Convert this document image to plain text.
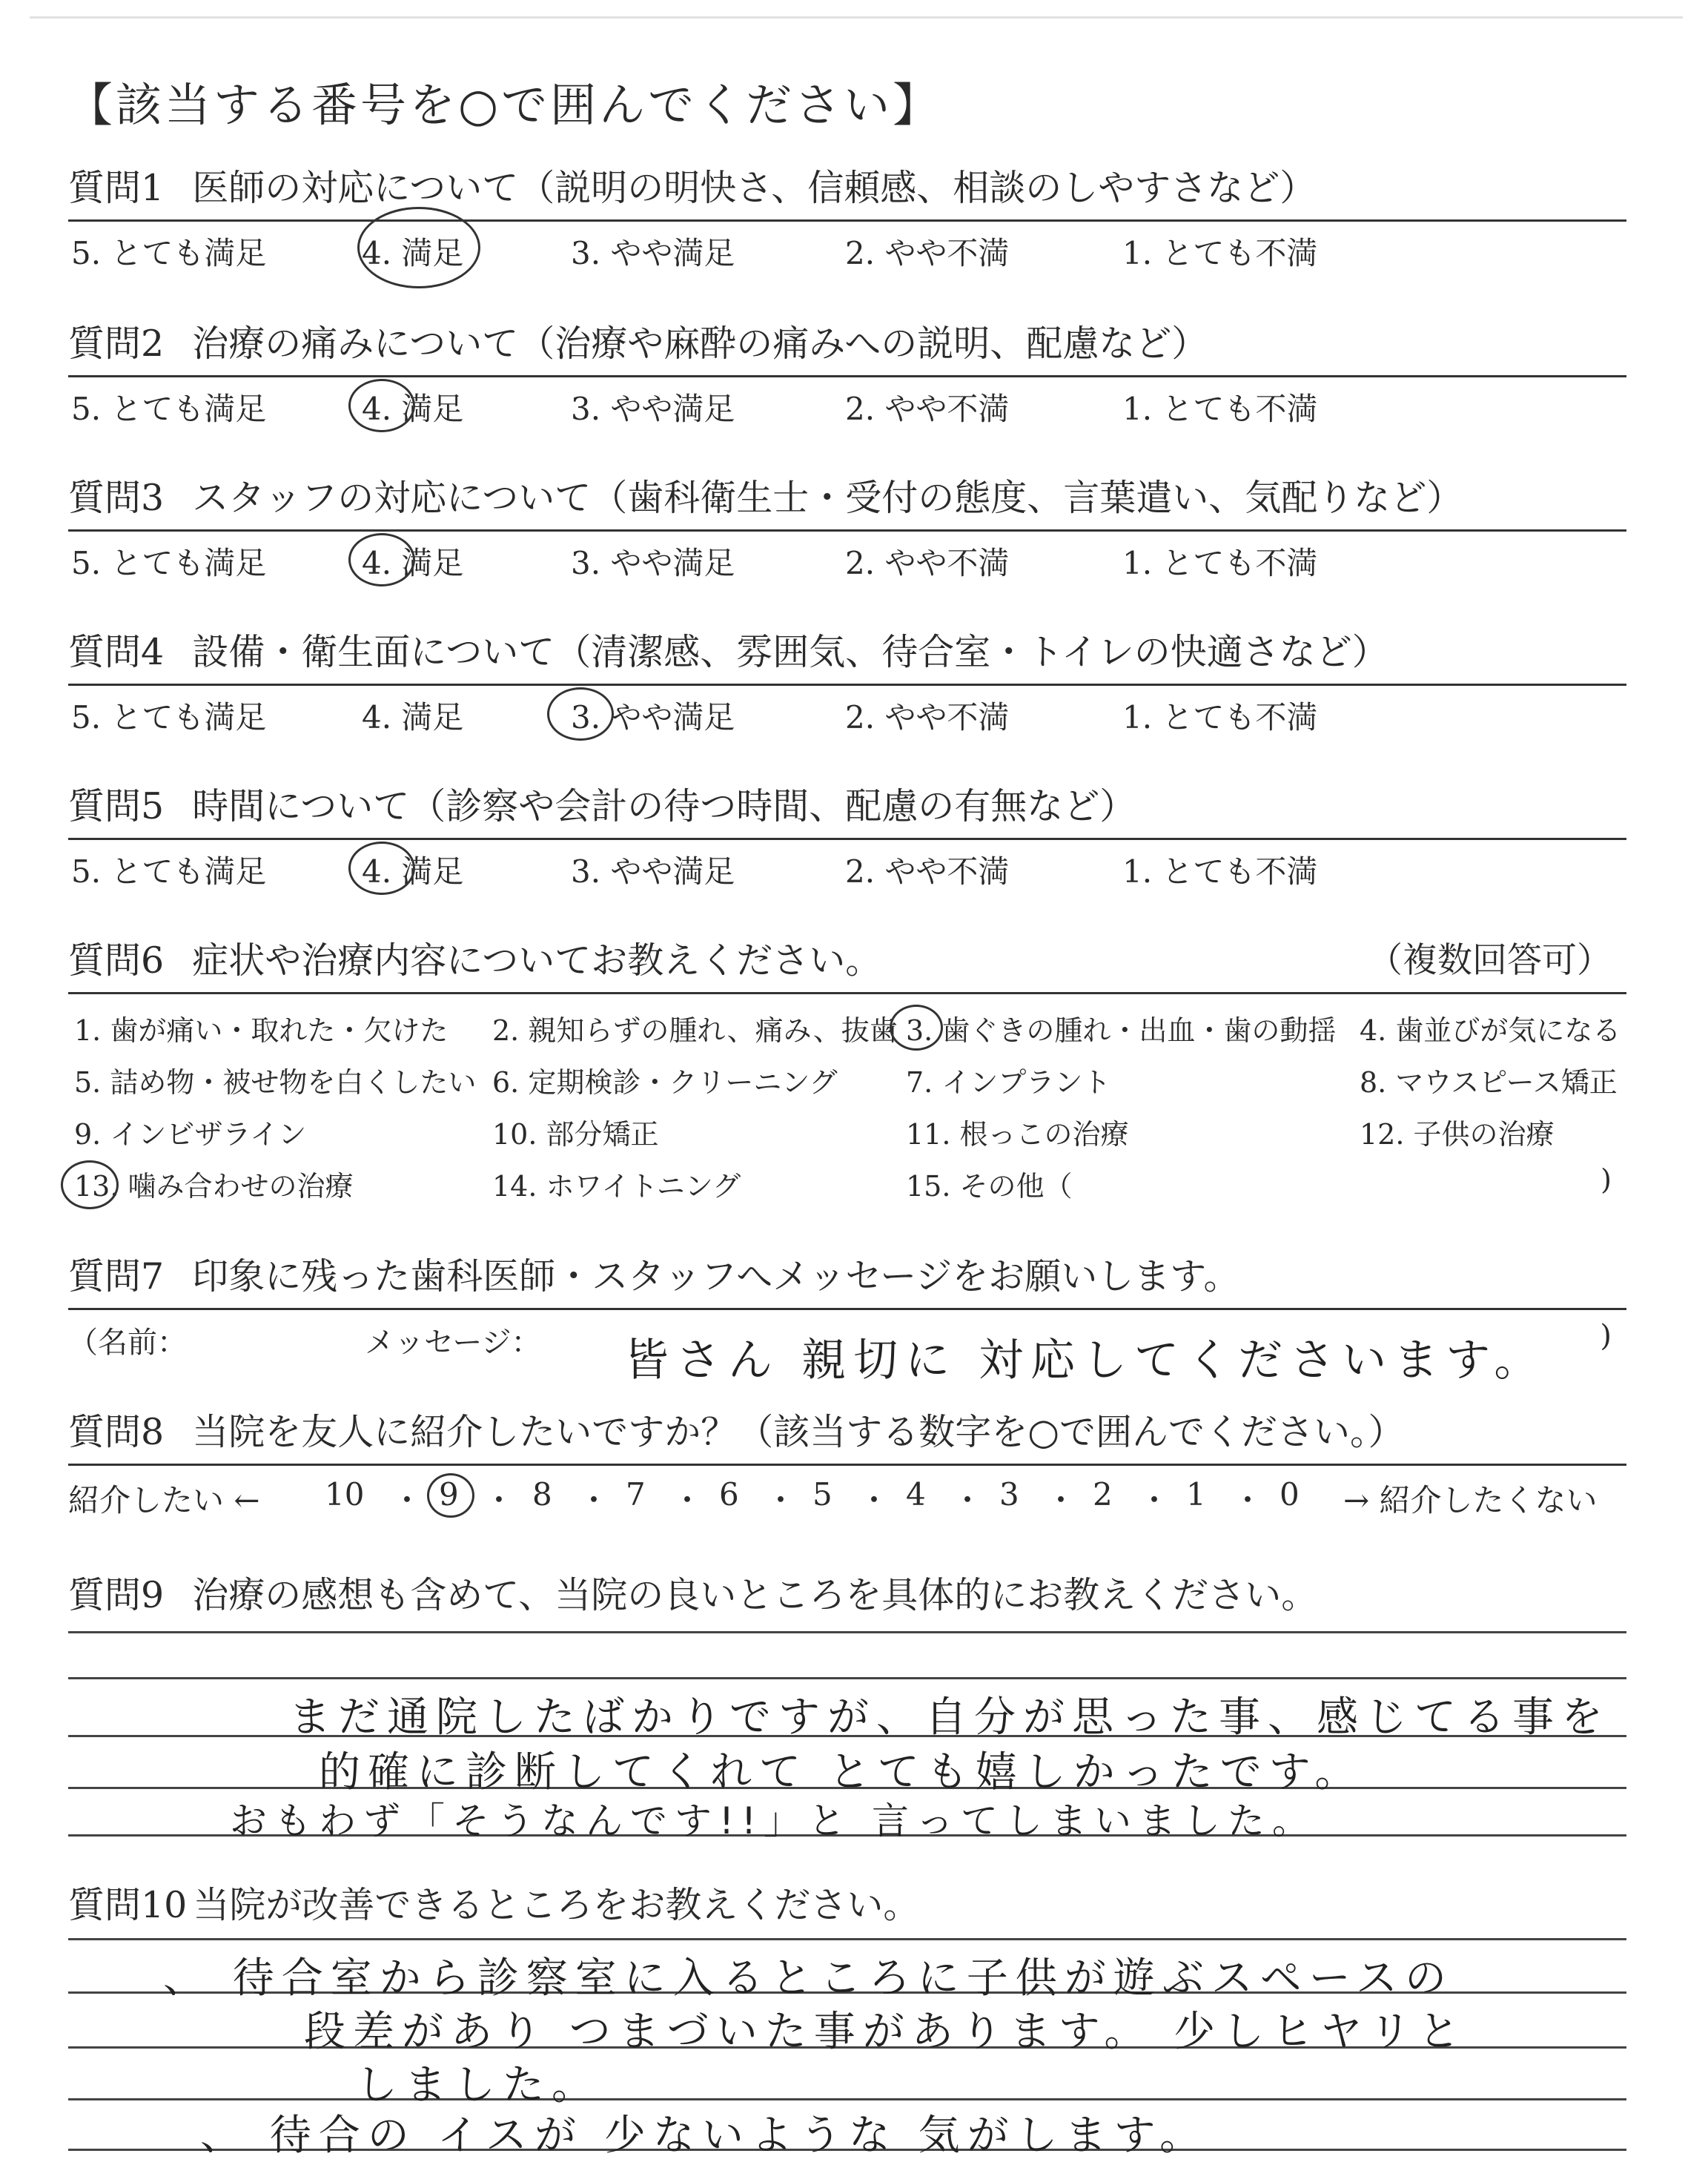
【該当する番号を○で囲んでください】
質問1 医師の対応について（説明の明快さ、信頼感、相談のしやすさなど）
5. とても満足	4. 満足	3. やや満足	2. やや不満	1. とても不満
質問2 治療の痛みについて（治療や麻酔の痛みへの説明、配慮など）
5. とても満足	4. 満足	3. やや満足	2. やや不満	1. とても不満
質問3 スタッフの対応について（歯科衛生士・受付の態度、言葉遣い、気配りなど）
5. とても満足	4. 満足	3. やや満足	2. やや不満	1. とても不満
質問4 設備・衛生面について（清潔感、雰囲気、待合室・トイレの快適さなど）
5. とても満足	4. 満足	3. やや満足	2. やや不満	1. とても不満
質問5 時間について（診察や会計の待つ時間、配慮の有無など）
5. とても満足	4. 満足	3. やや満足	2. やや不満	1. とても不満
質問6 症状や治療内容についてお教えください。	（複数回答可）
1. 歯が痛い・取れた・欠けた 2. 親知らずの腫れ、痛み、抜歯 3. 歯ぐきの腫れ・出血・歯の動揺 4. 歯並びが気になる
5. 詰め物・被せ物を白くしたい 6. 定期検診・クリーニング 7. インプラント	8. マウスピース矯正
9. インビザライン	10. 部分矯正	11. 根っこの治療	12. 子供の治療
13. 噛み合わせの治療	14. ホワイトニング	15. その他（	)
質問7 印象に残った歯科医師・スタッフへメッセージをお願いします。
（名前：	メッセージ： 皆さん 親切に 対応してくださいます。 )
質問8 当院を友人に紹介したいですか？（該当する数字を○で囲んでください。）
紹介したい ← 10 ・ 9 ・ 8 ・ 7 ・ 6 ・ 5 ・ 4 ・ 3 ・ 2 ・ 1 ・ 0 → 紹介したくない
質問9 治療の感想も含めて、当院の良いところを具体的にお教えください。
まだ通院したばかりですが、自分が思った事、感じてる事を
的確に診断してくれて とても嬉しかったです。
おもわず「そうなんです!!」と 言ってしまいました。
質問10 当院が改善できるところをお教えください。
、 待合室から診察室に入るところに子供が遊ぶスペースの
段差があり つまづいた事があります。 少しヒヤリと
しました。
、 待合の イスが 少ないような 気がします。
